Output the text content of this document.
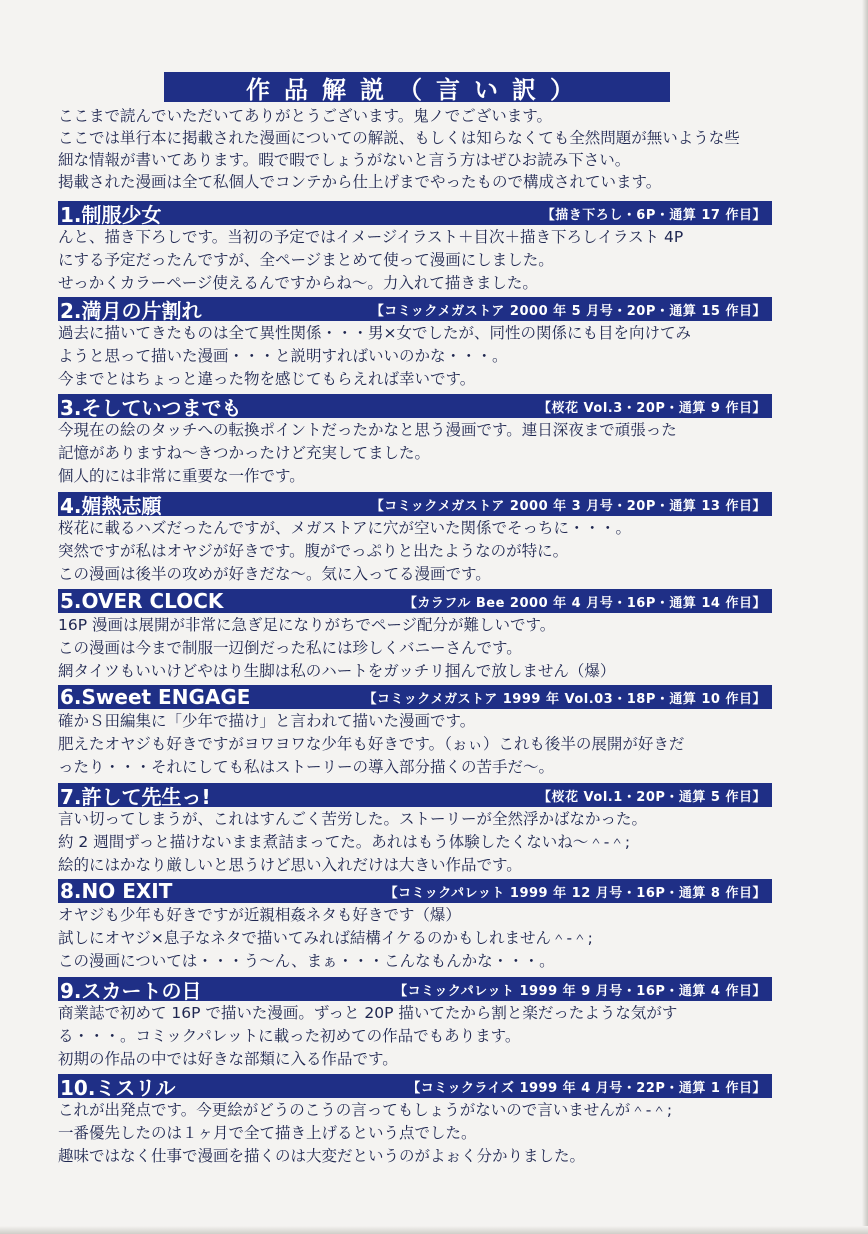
作品解説（言い訳）

ここまで読んでいただいてありがとうございます。鬼ノでございます。

ここでは単行本に掲載された漫画についての解説、もしくは知らなくても全然問題が無いような些

細な情報が書いてあります。暇で暇でしょうがないと言う方はぜひお読み下さい。

掲載された漫画は全て私個人でコンテから仕上げまでやったもので構成されています。

1.制服少女	【描き下ろし・6P・通算 17 作目】

んと、描き下ろしです。当初の予定ではイメージイラスト＋目次＋描き下ろしイラスト 4P

にする予定だったんですが、全ページまとめて使って漫画にしました。

せっかくカラーページ使えるんですからね～。力入れて描きました。

2.満月の片割れ	【コミックメガストア 2000 年 5 月号・20P・通算 15 作目】

過去に描いてきたものは全て異性関係・・・男×女でしたが、同性の関係にも目を向けてみ

ようと思って描いた漫画・・・と説明すればいいのかな・・・。

今までとはちょっと違った物を感じてもらえれば幸いです。

3.そしていつまでも	【桜花 Vol.3・20P・通算 9 作目】

今現在の絵のタッチへの転換ポイントだったかなと思う漫画です。連日深夜まで頑張った

記憶がありますね～きつかったけど充実してました。

個人的には非常に重要な一作です。

4.媚熱志願	【コミックメガストア 2000 年 3 月号・20P・通算 13 作目】

桜花に載るハズだったんですが、メガストアに穴が空いた関係でそっちに・・・。

突然ですが私はオヤジが好きです。腹がでっぷりと出たようなのが特に。

この漫画は後半の攻めが好きだな～。気に入ってる漫画です。

5.OVER CLOCK	【カラフル Bee 2000 年 4 月号・16P・通算 14 作目】

16P 漫画は展開が非常に急ぎ足になりがちでページ配分が難しいです。

この漫画は今まで制服一辺倒だった私には珍しくバニーさんです。

網タイツもいいけどやはり生脚は私のハートをガッチリ掴んで放しません（爆）

6.Sweet ENGAGE	【コミックメガストア 1999 年 Vol.03・18P・通算 10 作目】

確かＳ田編集に「少年で描け」と言われて描いた漫画です。

肥えたオヤジも好きですがヨワヨワな少年も好きです。（ぉぃ）これも後半の展開が好きだ

ったり・・・それにしても私はストーリーの導入部分描くの苦手だ～。

7.許して先生っ!	【桜花 Vol.1・20P・通算 5 作目】

言い切ってしまうが、これはすんごく苦労した。ストーリーが全然浮かばなかった。

約 2 週間ずっと描けないまま煮詰まってた。あれはもう体験したくないね～＾-＾;

絵的にはかなり厳しいと思うけど思い入れだけは大きい作品です。

8.NO EXIT	【コミックパレット 1999 年 12 月号・16P・通算 8 作目】

オヤジも少年も好きですが近親相姦ネタも好きです（爆）

試しにオヤジ×息子なネタで描いてみれば結構イケるのかもしれません＾-＾;

この漫画については・・・う～ん、まぁ・・・こんなもんかな・・・。

9.スカートの日	【コミックパレット 1999 年 9 月号・16P・通算 4 作目】

商業誌で初めて 16P で描いた漫画。ずっと 20P 描いてたから割と楽だったような気がす

る・・・。コミックパレットに載った初めての作品でもあります。

初期の作品の中では好きな部類に入る作品です。

10.ミスリル	【コミックライズ 1999 年 4 月号・22P・通算 1 作目】

これが出発点です。今更絵がどうのこうの言ってもしょうがないので言いませんが＾-＾;

一番優先したのは１ヶ月で全て描き上げるという点でした。

趣味ではなく仕事で漫画を描くのは大変だというのがよぉく分かりました。
